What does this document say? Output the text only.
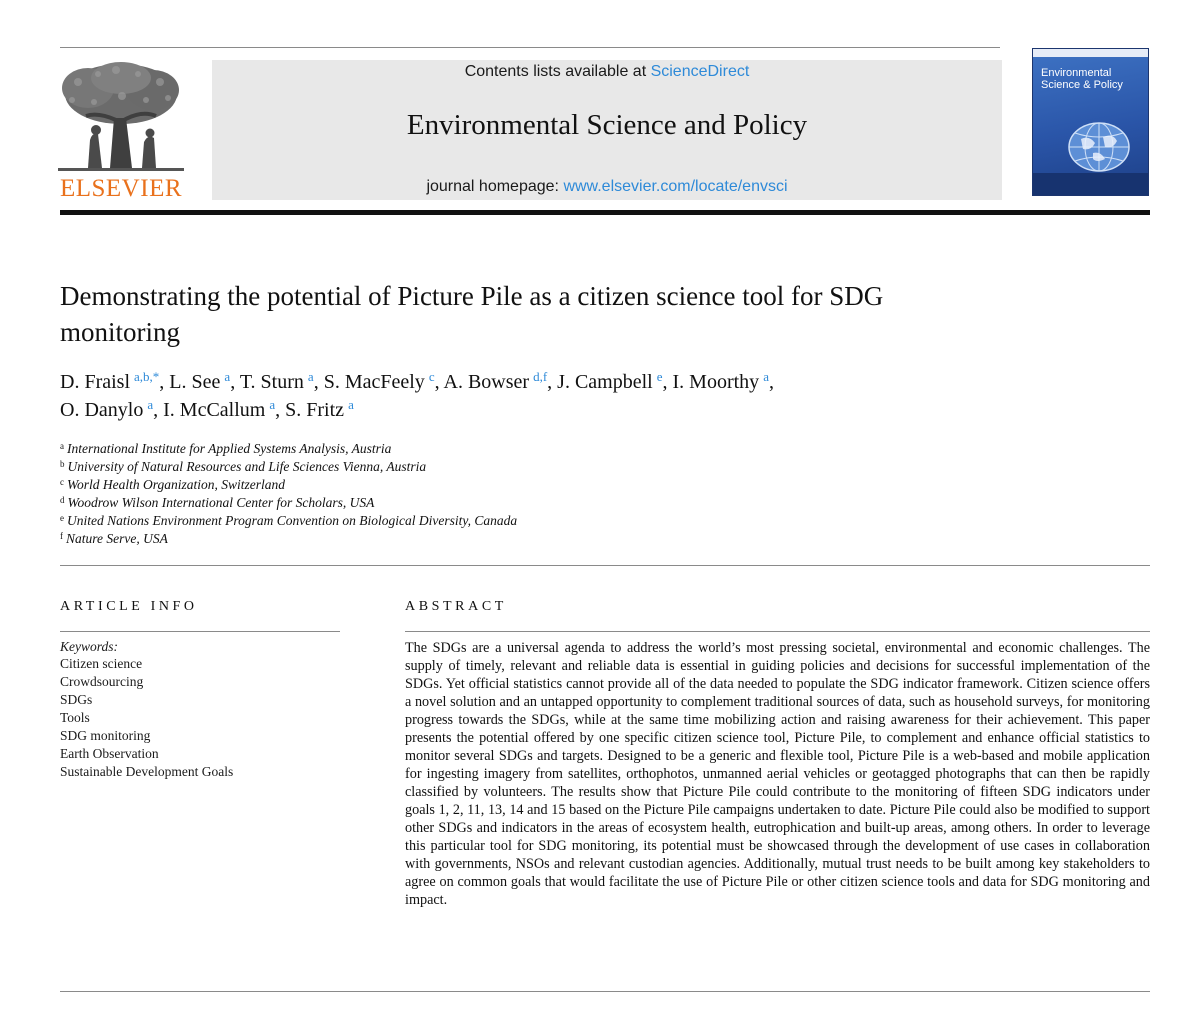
ELSEVIER
Contents lists available at ScienceDirect
Environmental Science and Policy
journal homepage: www.elsevier.com/locate/envsci
Environmental Science & Policy
Demonstrating the potential of Picture Pile as a citizen science tool for SDG monitoring
D. Fraisl  $^{a,b,*}$, L. See  $^a$, T. Sturn  $^a$, S. MacFeely  $^c$, A. Bowser  $^{d,f}$, J. Campbell  $^e$, I. Moorthy  $^a$,
O. Danylo  $^a$, I. McCallum  $^a$, S. Fritz  $^a$
$^a$ International Institute for Applied Systems Analysis, Austria
$^b$ University of Natural Resources and Life Sciences Vienna, Austria
$^c$ World Health Organization, Switzerland
$^d$ Woodrow Wilson International Center for Scholars, USA
$^e$ United Nations Environment Program Convention on Biological Diversity, Canada
$^f$ Nature Serve, USA
ARTICLE INFO	ABSTRACT
Keywords:
Citizen science
Crowdsourcing
SDGs
Tools
SDG monitoring
Earth Observation
Sustainable Development Goals

The SDGs are a universal agenda to address the world’s most pressing societal, environmental and economic challenges. The supply of timely, relevant and reliable data is essential in guiding policies and decisions for successful implementation of the SDGs. Yet official statistics cannot provide all of the data needed to populate the SDG indicator framework. Citizen science offers a novel solution and an untapped opportunity to complement traditional sources of data, such as household surveys, for monitoring progress towards the SDGs, while at the same time mobilizing action and raising awareness for their achievement. This paper presents the potential offered by one specific citizen science tool, Picture Pile, to complement and enhance official statistics to monitor several SDGs and targets. Designed to be a generic and flexible tool, Picture Pile is a web-based and mobile application for ingesting imagery from satellites, orthophotos, unmanned aerial vehicles or geotagged photographs that can then be rapidly classified by volunteers. The results show that Picture Pile could contribute to the monitoring of fifteen SDG indicators under goals 1, 2, 11, 13, 14 and 15 based on the Picture Pile campaigns undertaken to date. Picture Pile could also be modified to support other SDGs and indicators in the areas of ecosystem health, eutrophication and built-up areas, among others. In order to leverage this particular tool for SDG monitoring, its potential must be showcased through the development of use cases in collaboration with governments, NSOs and relevant custodian agencies. Additionally, mutual trust needs to be built among key stakeholders to agree on common goals that would facilitate the use of Picture Pile or other citizen science tools and data for SDG monitoring and impact.
